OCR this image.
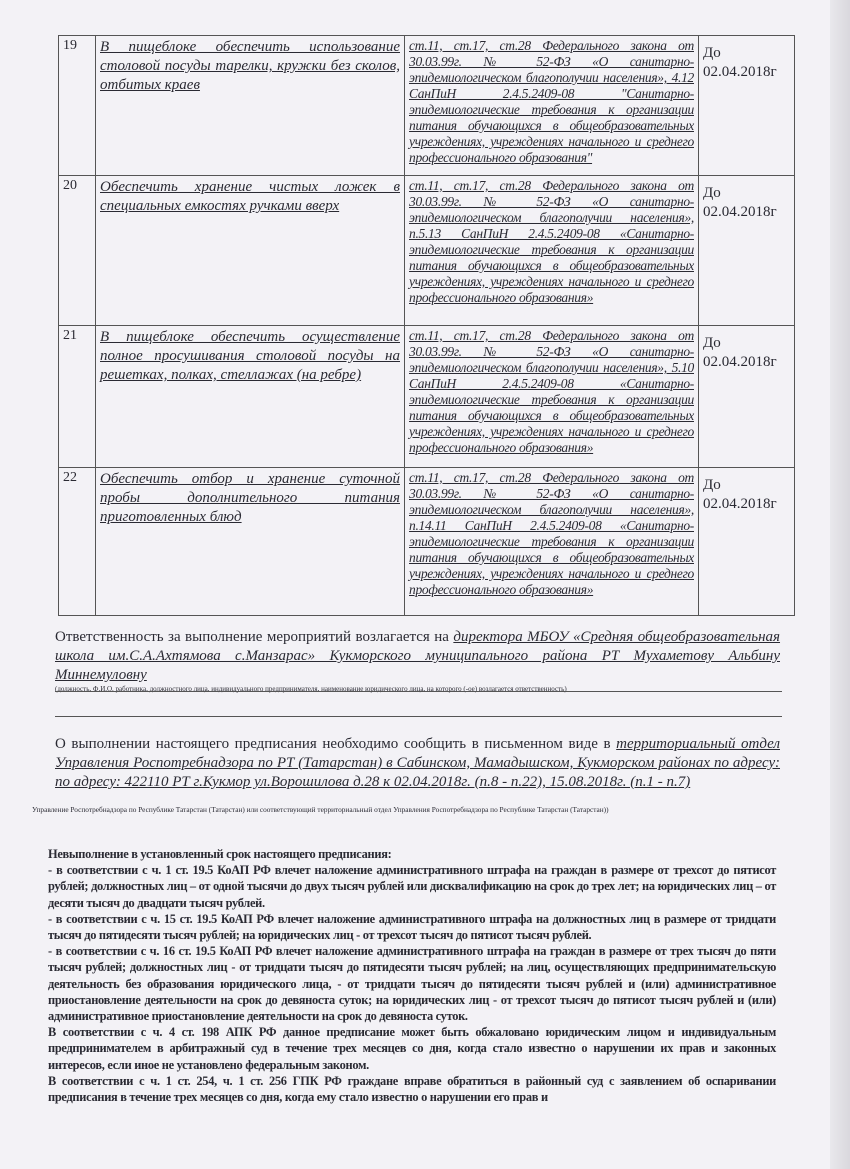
19	В пищеблоке обеспечить использование столовой посуды тарелки, кружки без сколов, отбитых краев	ст.11, ст.17, ст.28 Федерального закона от 30.03.99г. № 52-ФЗ «О санитарно-эпидемиологическом благополучии населения», 4.12 СанПиН 2.4.5.2409-08 "Санитарно-эпидемиологические требования к организации питания обучающихся в общеобразовательных учреждениях, учреждениях начального и среднего профессионального образования"	До 02.04.2018г
20	Обеспечить хранение чистых ложек в специальных емкостях ручками вверх	ст.11, ст.17, ст.28 Федерального закона от 30.03.99г. № 52-ФЗ «О санитарно-эпидемиологическом благополучии населения», п.5.13 СанПиН 2.4.5.2409-08 «Санитарно-эпидемиологические требования к организации питания обучающихся в общеобразовательных учреждениях, учреждениях начального и среднего профессионального образования»	До 02.04.2018г
21	В пищеблоке обеспечить осуществление полное просушивания столовой посуды на решетках, полках, стеллажах (на ребре)	ст.11, ст.17, ст.28 Федерального закона от 30.03.99г. № 52-ФЗ «О санитарно-эпидемиологическом благополучии населения», 5.10 СанПиН 2.4.5.2409-08 «Санитарно-эпидемиологические требования к организации питания обучающихся в общеобразовательных учреждениях, учреждениях начального и среднего профессионального образования»	До 02.04.2018г
22	Обеспечить отбор и хранение суточной пробы дополнительного питания приготовленных блюд	ст.11, ст.17, ст.28 Федерального закона от 30.03.99г. № 52-ФЗ «О санитарно-эпидемиологическом благополучии населения», п.14.11 СанПиН 2.4.5.2409-08 «Санитарно-эпидемиологические требования к организации питания обучающихся в общеобразовательных учреждениях, учреждениях начального и среднего профессионального образования»	До 02.04.2018г
Ответственность за выполнение мероприятий возлагается на директора МБОУ «Средняя общеобразовательная школа им.С.А.Ахтямова с.Манзарас» Кукморского муниципального района РТ Мухаметову Альбину Миннемуловну
(должность, Ф.И.О. работника, должностного лица, индивидуального предпринимателя, наименование юридического лица, на которого (-ое) возлагается ответственность)
О выполнении настоящего предписания необходимо сообщить в письменном виде в территориальный отдел Управления Роспотребнадзора по РТ (Татарстан) в Сабинском, Мамадышском, Кукморском районах по адресу: по адресу: 422110 РТ г.Кукмор ул.Ворошилова д.28 к 02.04.2018г. (п.8 - п.22), 15.08.2018г. (п.1 - п.7)
Управление Роспотребнадзора по Республике Татарстан (Татарстан) или соответствующий территориальный отдел Управления Роспотребнадзора по Республике Татарстан (Татарстан))

Невыполнение в установленный срок настоящего предписания:

- в соответствии с ч. 1 ст. 19.5 КоАП РФ влечет наложение административного штрафа на граждан в размере от трехсот до пятисот рублей; должностных лиц – от одной тысячи до двух тысяч рублей или дисквалификацию на срок до трех лет; на юридических лиц – от десяти тысяч до двадцати тысяч рублей.

- в соответствии с ч. 15 ст. 19.5 КоАП РФ влечет наложение административного штрафа на должностных лиц в размере от тридцати тысяч до пятидесяти тысяч рублей; на юридических лиц - от трехсот тысяч до пятисот тысяч рублей.

- в соответствии с ч. 16 ст. 19.5 КоАП РФ влечет наложение административного штрафа на граждан в размере от трех тысяч до пяти тысяч рублей; должностных лиц - от тридцати тысяч до пятидесяти тысяч рублей; на лиц, осуществляющих предпринимательскую деятельность без образования юридического лица, - от тридцати тысяч до пятидесяти тысяч рублей и (или) административное приостановление деятельности на срок до девяноста суток; на юридических лиц - от трехсот тысяч до пятисот тысяч рублей и (или) административное приостановление деятельности на срок до девяноста суток.

В соответствии с ч. 4 ст. 198 АПК РФ данное предписание может быть обжаловано юридическим лицом и индивидуальным предпринимателем в арбитражный суд в течение трех месяцев со дня, когда стало известно о нарушении их прав и законных интересов, если иное не установлено федеральным законом.

В соответствии с ч. 1 ст. 254, ч. 1 ст. 256 ГПК РФ граждане вправе обратиться в районный суд с заявлением об оспаривании предписания в течение трех месяцев со дня, когда ему стало известно о нарушении его прав и
